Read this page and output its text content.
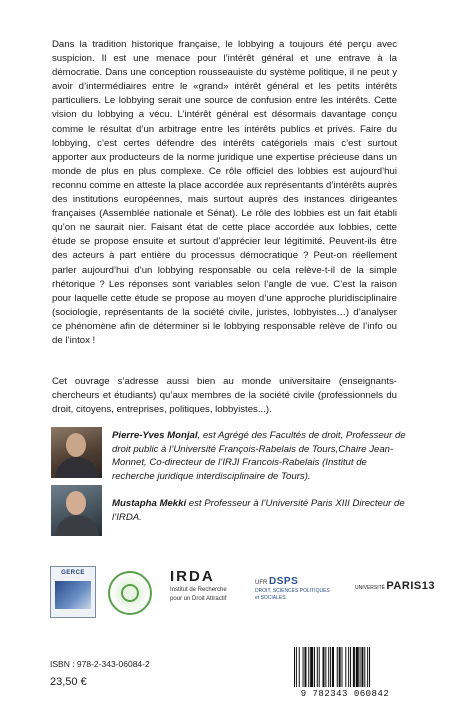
Dans la tradition historique française, le lobbying a toujours été perçu avec suspicion. Il est une menace pour l’intérêt général et une entrave à la démocratie. Dans une conception rousseauiste du système politique, il ne peut y avoir d’intermédiaires entre le «grand» intérêt général et les petits intérêts particuliers. Le lobbying serait une source de confusion entre les intérêts. Cette vision du lobbying a vécu. L’intérêt général est désormais davantage conçu comme le résultat d’un arbitrage entre les intérêts publics et privés. Faire du lobbying, c’est certes défendre des intérêts catégoriels mais c’est surtout apporter aux producteurs de la norme juridique une expertise précieuse dans un monde de plus en plus complexe. Ce rôle officiel des lobbies est aujourd’hui reconnu comme en atteste la place accordée aux représentants d’intérêts auprès des institutions européennes, mais surtout auprès des instances dirigeantes françaises (Assemblée nationale et Sénat). Le rôle des lobbies est un fait établi qu’on ne saurait nier. Faisant état de cette place accordée aux lobbies, cette étude se propose ensuite et surtout d’apprécier leur légitimité. Peuvent-ils être des acteurs à part entière du processus démocratique ? Peut-on réellement parler aujourd’hui d’un lobbying responsable ou cela relève-t-il de la simple rhétorique ? Les réponses sont variables selon l’angle de vue. C’est la raison pour laquelle cette étude se propose au moyen d’une approche pluridisciplinaire (sociologie, représentants de la société civile, juristes, lobbyistes…) d’analyser ce phénomène afin de déterminer si le lobbying responsable relève de l’info ou de l’intox !

Cet ouvrage s’adresse aussi bien au monde universitaire (enseignants-chercheurs et étudiants) qu’aux membres de la société civile (professionnels du droit, citoyens, entreprises, politiques, lobbyistes...).

Pierre-Yves Monjal, est Agrégé des Facultés de droit, Professeur de droit public à l’Université François-Rabelais de Tours,Chaire Jean-Monnet, Co-directeur de l’IRJI Francois-Rabelais (Institut de recherche juridique interdisciplinaire de Tours).

Mustapha Mekki est Professeur à l’Université Paris XIII Directeur de l’IRDA.

GERCE	IRDA
Institut de Recherche
pour un Droit Attractif
UFR DSPS
DROIT, SCIENCES POLITIQUES
et SOCIALES
UNIVERSITÉ PARIS13
ISBN : 978-2-343-06084-2
23,50 €
9 782343 060842
